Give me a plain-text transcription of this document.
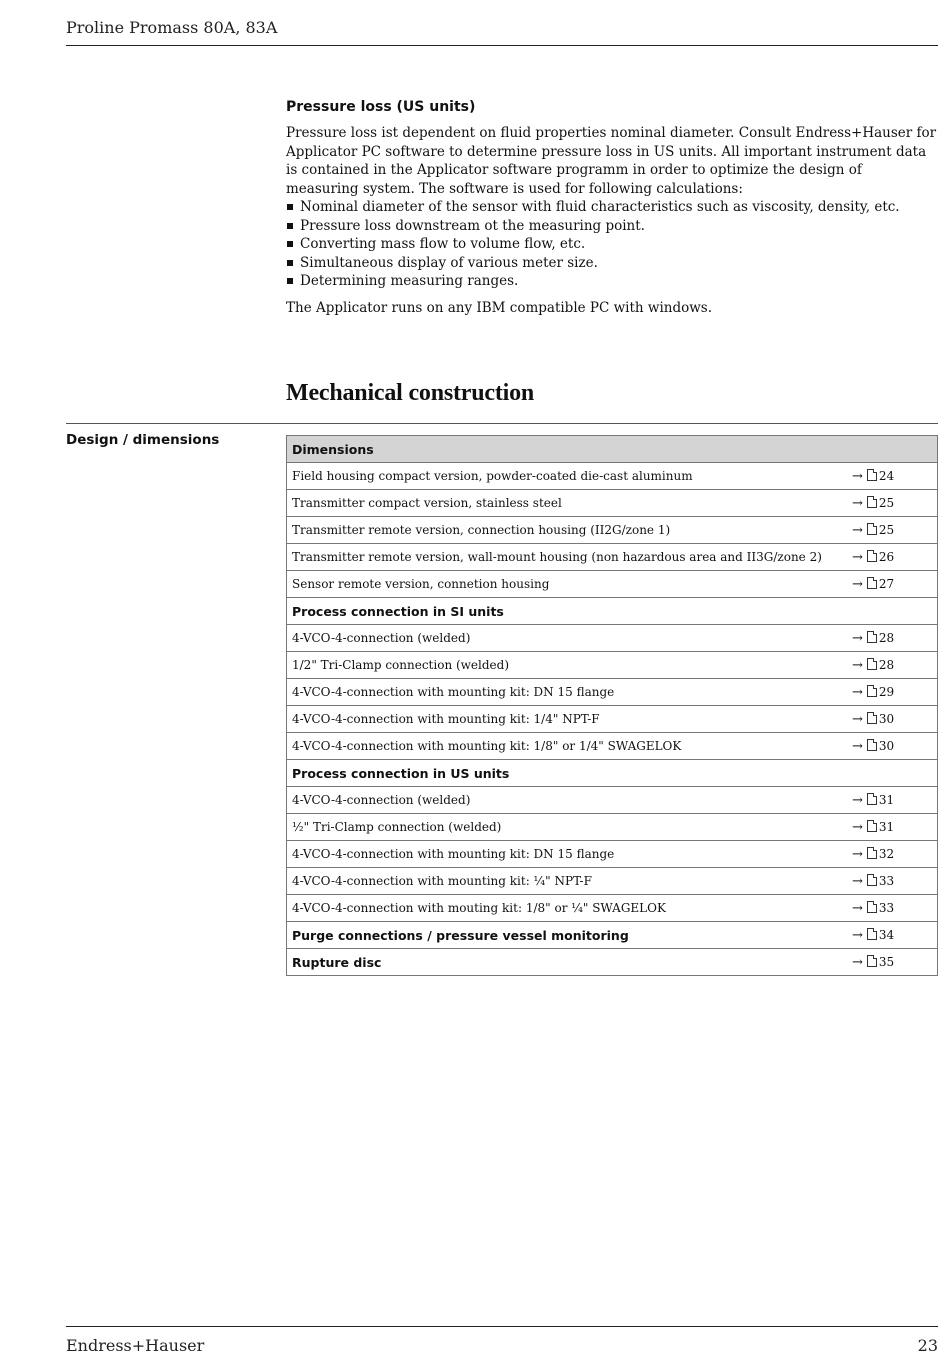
Proline Promass 80A, 83A
Pressure loss (US units)

Pressure loss ist dependent on fluid properties nominal diameter. Consult Endress+Hauser for Applicator PC software to determine pressure loss in US units. All important instrument data is contained in the Applicator software programm in order to optimize the design of measuring system. The software is used for following calculations:

Nominal diameter of the sensor with fluid characteristics such as viscosity, density, etc.
Pressure loss downstream ot the measuring point.
Converting mass flow to volume flow, etc.
Simultaneous display of various meter size.
Determining measuring ranges.

The Applicator runs on any IBM compatible PC with windows.

Mechanical construction
Design / dimensions
Dimensions	
Field housing compact version, powder-coated die-cast aluminum	→ 24
Transmitter compact version, stainless steel	→ 25
Transmitter remote version, connection housing (II2G/zone 1)	→ 25
Transmitter remote version, wall-mount housing (non hazardous area and II3G/zone 2)	→ 26
Sensor remote version, connetion housing	→ 27
Process connection in SI units	
4-VCO-4-connection (welded)	→ 28
1/2" Tri-Clamp connection (welded)	→ 28
4-VCO-4-connection with mounting kit: DN 15 flange	→ 29
4-VCO-4-connection with mounting kit: 1/4" NPT-F	→ 30
4-VCO-4-connection with mounting kit: 1/8" or 1/4" SWAGELOK	→ 30
Process connection in US units	
4-VCO-4-connection (welded)	→ 31
½" Tri-Clamp connection (welded)	→ 31
4-VCO-4-connection with mounting kit: DN 15 flange	→ 32
4-VCO-4-connection with mounting kit: ¼" NPT-F	→ 33
4-VCO-4-connection with mouting kit: 1/8" or ¼" SWAGELOK	→ 33
Purge connections / pressure vessel monitoring	→ 34
Rupture disc	→ 35
Endress+Hauser	23
